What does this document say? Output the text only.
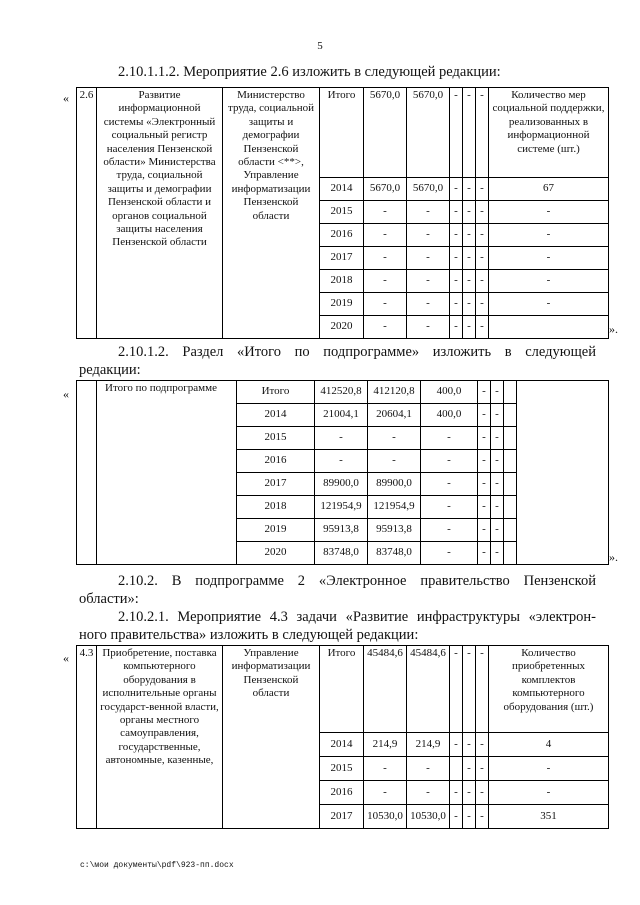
5
2.10.1.1.2. Мероприятие 2.6 изложить в следующей редакции:
« 2.6	Развитие информационной системы «Электронный социальный регистр населения Пензенской области» Министерства труда, социальной защиты и демографии Пензенской области и органов социальной защиты населения Пензенской области	Министерство труда, социальной защиты и демографии Пензенской области <**>, Управление информатизации Пензенской области	Итого	5670,0	5670,0	-	-	-	Количество мер социальной поддержки, реализованных в информационной системе (шт.)
			2014	5670,0	5670,0	-	-	-	67
			2015	-	-	-	-	-	-
			2016	-	-	-	-	-	-
			2017	-	-	-	-	-	-
			2018	-	-	-	-	-	-
			2019	-	-	-	-	-	-
			2020	-	-	-	-	-		».
2.10.1.2. Раздел «Итого по подпрограмме» изложить в следующей
редакции:
«
		Итого по подпрограмме	Итого	412520,8	412120,8	400,0	-	-		
		2014	21004,1	20604,1	400,0	-	-		
		2015	-	-	-	-	-		
		2016	-	-	-	-	-		
		2017	89900,0	89900,0	-	-	-		
		2018	121954,9	121954,9	-	-	-		
		2019	95913,8	95913,8	-	-	-		
		2020	83748,0	83748,0	-	-	-			».
2.10.2. В подпрограмме 2 «Электронное правительство Пензенской
области»:
2.10.2.1. Мероприятие 4.3 задачи «Развитие инфраструктуры «электрон-
ного правительства» изложить в следующей редакции:
« 4.3	Приобретение, поставка компьютерного оборудования в исполнительные органы государст-венной власти, органы местного самоуправления, государственные, автономные, казенные,	Управление информатизации Пензенской области	Итого	45484,6	45484,6	-	-	-	Количество приобретенных комплектов компьютерного оборудования (шт.)
			2014	214,9	214,9	-	-	-	4
			2015	-	-		-	-	-
			2016	-	-	-	-	-	-
			2017	10530,0	10530,0	-	-	-	351
c:\мои документы\pdf\923-пп.docx
